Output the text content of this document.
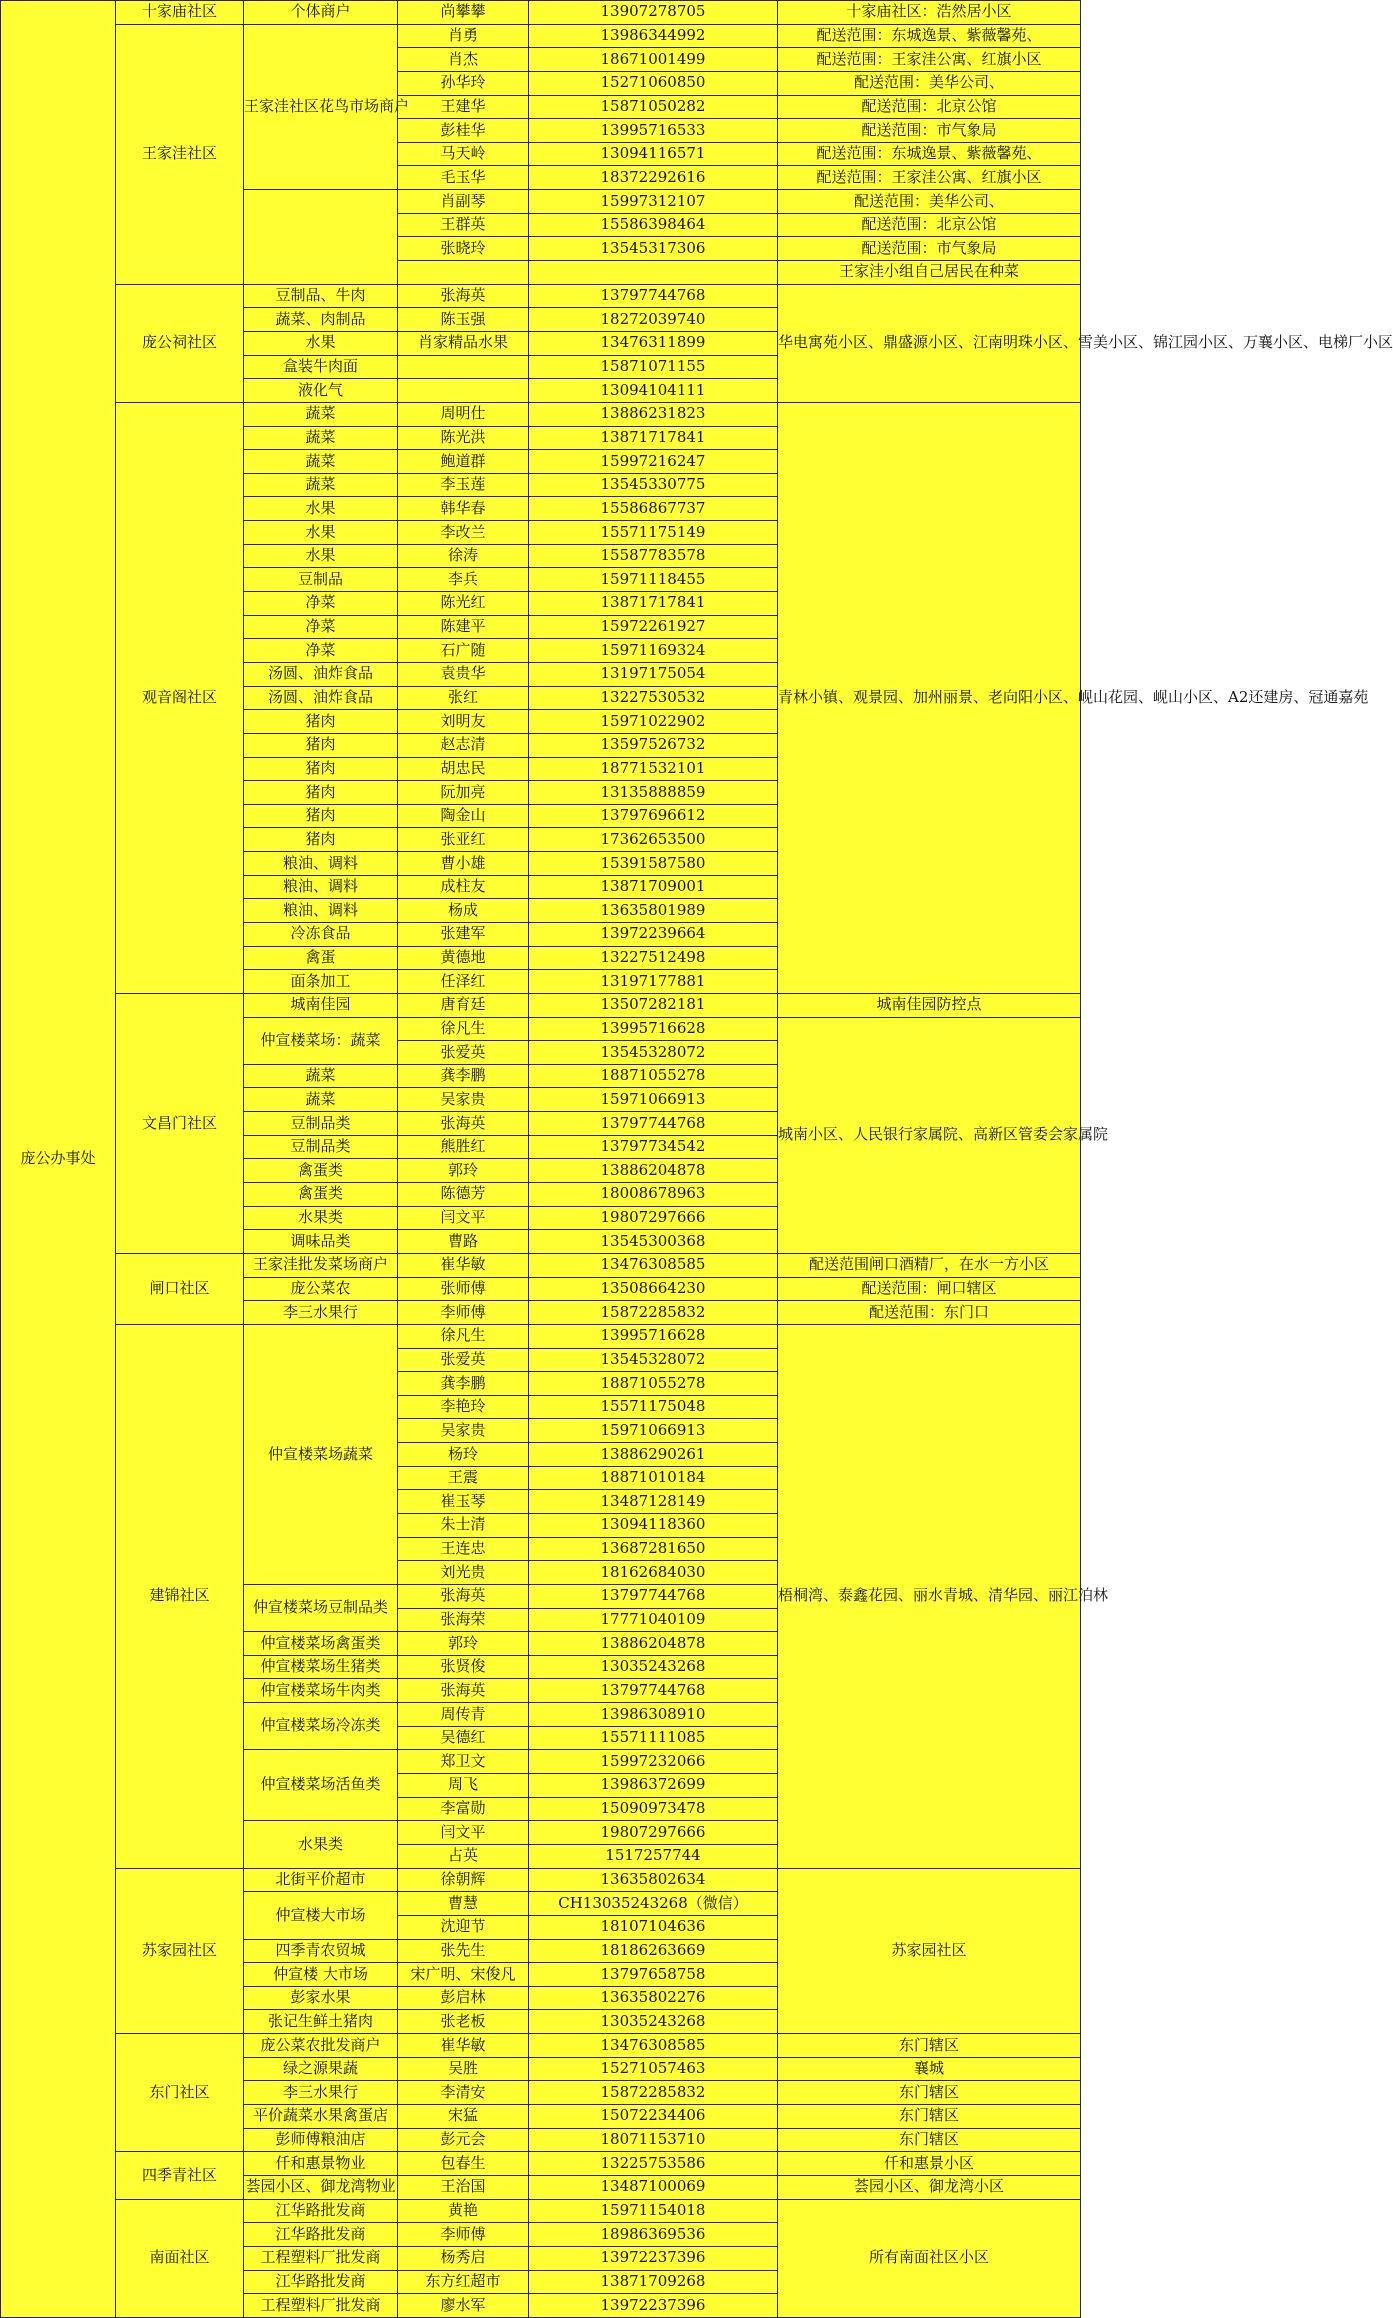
庞公办事处	十家庙社区	个体商户	尚攀攀	13907278705	十家庙社区：浩然居小区
	王家洼社区	王家洼社区花鸟市场商户	肖勇	13986344992	配送范围：东城逸景、紫薇馨苑、
			肖杰	18671001499	配送范围：王家洼公寓、红旗小区
			孙华玲	15271060850	配送范围：美华公司、
			王建华	15871050282	配送范围：北京公馆
			彭桂华	13995716533	配送范围：市气象局
			马天岭	13094116571	配送范围：东城逸景、紫薇馨苑、
			毛玉华	18372292616	配送范围：王家洼公寓、红旗小区
			肖副琴	15997312107	配送范围：美华公司、
			王群英	15586398464	配送范围：北京公馆
			张晓玲	13545317306	配送范围：市气象局
					王家洼小组自己居民在种菜
	庞公祠社区	豆制品、牛肉	张海英	13797744768	华电寓苑小区、鼎盛源小区、江南明珠小区、雪美小区、锦江园小区、万襄小区、电梯厂小区
		蔬菜、肉制品	陈玉强	18272039740	
		水果	肖家精品水果	13476311899	
		盒装牛肉面		15871071155	
		液化气		13094104111	
	观音阁社区	蔬菜	周明仕	13886231823	青林小镇、观景园、加州丽景、老向阳小区、岘山花园、岘山小区、A2还建房、冠通嘉苑
		蔬菜	陈光洪	13871717841	
		蔬菜	鲍道群	15997216247	
		蔬菜	李玉莲	13545330775	
		水果	韩华春	15586867737	
		水果	李改兰	15571175149	
		水果	徐涛	15587783578	
		豆制品	李兵	15971118455	
		净菜	陈光红	13871717841	
		净菜	陈建平	15972261927	
		净菜	石广随	15971169324	
		汤圆、油炸食品	袁贵华	13197175054	
		汤圆、油炸食品	张红	13227530532	
		猪肉	刘明友	15971022902	
		猪肉	赵志清	13597526732	
		猪肉	胡忠民	18771532101	
		猪肉	阮加亮	13135888859	
		猪肉	陶金山	13797696612	
		猪肉	张亚红	17362653500	
		粮油、调料	曹小雄	15391587580	
		粮油、调料	成柱友	13871709001	
		粮油、调料	杨成	13635801989	
		冷冻食品	张建军	13972239664	
		禽蛋	黄德地	13227512498	
		面条加工	任泽红	13197177881	
	文昌门社区	城南佳园	唐育廷	13507282181	城南佳园防控点
		仲宣楼菜场：蔬菜	徐凡生	13995716628	城南小区、人民银行家属院、高新区管委会家属院
			张爱英	13545328072	
		蔬菜	龚李鹏	18871055278	
		蔬菜	吴家贵	15971066913	
		豆制品类	张海英	13797744768	
		豆制品类	熊胜红	13797734542	
		禽蛋类	郭玲	13886204878	
		禽蛋类	陈德芳	18008678963	
		水果类	闫文平	19807297666	
		调味品类	曹路	13545300368	
	闸口社区	王家洼批发菜场商户	崔华敏	13476308585	配送范围闸口酒精厂，在水一方小区
		庞公菜农	张师傅	13508664230	配送范围：闸口辖区
		李三水果行	李师傅	15872285832	配送范围：东门口
	建锦社区	仲宣楼菜场蔬菜	徐凡生	13995716628	梧桐湾、泰鑫花园、丽水青城、清华园、丽江泊林
			张爱英	13545328072	
			龚李鹏	18871055278	
			李艳玲	15571175048	
			吴家贵	15971066913	
			杨玲	13886290261	
			王震	18871010184	
			崔玉琴	13487128149	
			朱士清	13094118360	
			王连忠	13687281650	
			刘光贵	18162684030	
		仲宣楼菜场豆制品类	张海英	13797744768	
			张海荣	17771040109	
		仲宣楼菜场禽蛋类	郭玲	13886204878	
		仲宣楼菜场生猪类	张贤俊	13035243268	
		仲宣楼菜场牛肉类	张海英	13797744768	
		仲宣楼菜场冷冻类	周传青	13986308910	
			吴德红	15571111085	
		仲宣楼菜场活鱼类	郑卫文	15997232066	
			周飞	13986372699	
			李富勋	15090973478	
		水果类	闫文平	19807297666	
			占英	1517257744	
	苏家园社区	北街平价超市	徐朝辉	13635802634	苏家园社区
		仲宣楼大市场	曹慧	CH13035243268（微信）	
			沈迎节	18107104636	
		四季青农贸城	张先生	18186263669	
		仲宣楼 大市场	宋广明、宋俊凡	13797658758	
		彭家水果	彭启林	13635802276	
		张记生鲜土猪肉	张老板	13035243268	
	东门社区	庞公菜农批发商户	崔华敏	13476308585	东门辖区
		绿之源果蔬	吴胜	15271057463	襄城
		李三水果行	李清安	15872285832	东门辖区
		平价蔬菜水果禽蛋店	宋猛	15072234406	东门辖区
		彭师傅粮油店	彭元会	18071153710	东门辖区
	四季青社区	仟和惠景物业	包春生	13225753586	仟和惠景小区
		荟园小区、御龙湾物业	王治国	13487100069	荟园小区、御龙湾小区
	南面社区	江华路批发商	黄艳	15971154018	所有南面社区小区
		江华路批发商	李师傅	18986369536	
		工程塑料厂批发商	杨秀启	13972237396	
		江华路批发商	东方红超市	13871709268	
		工程塑料厂批发商	廖水军	13972237396	
